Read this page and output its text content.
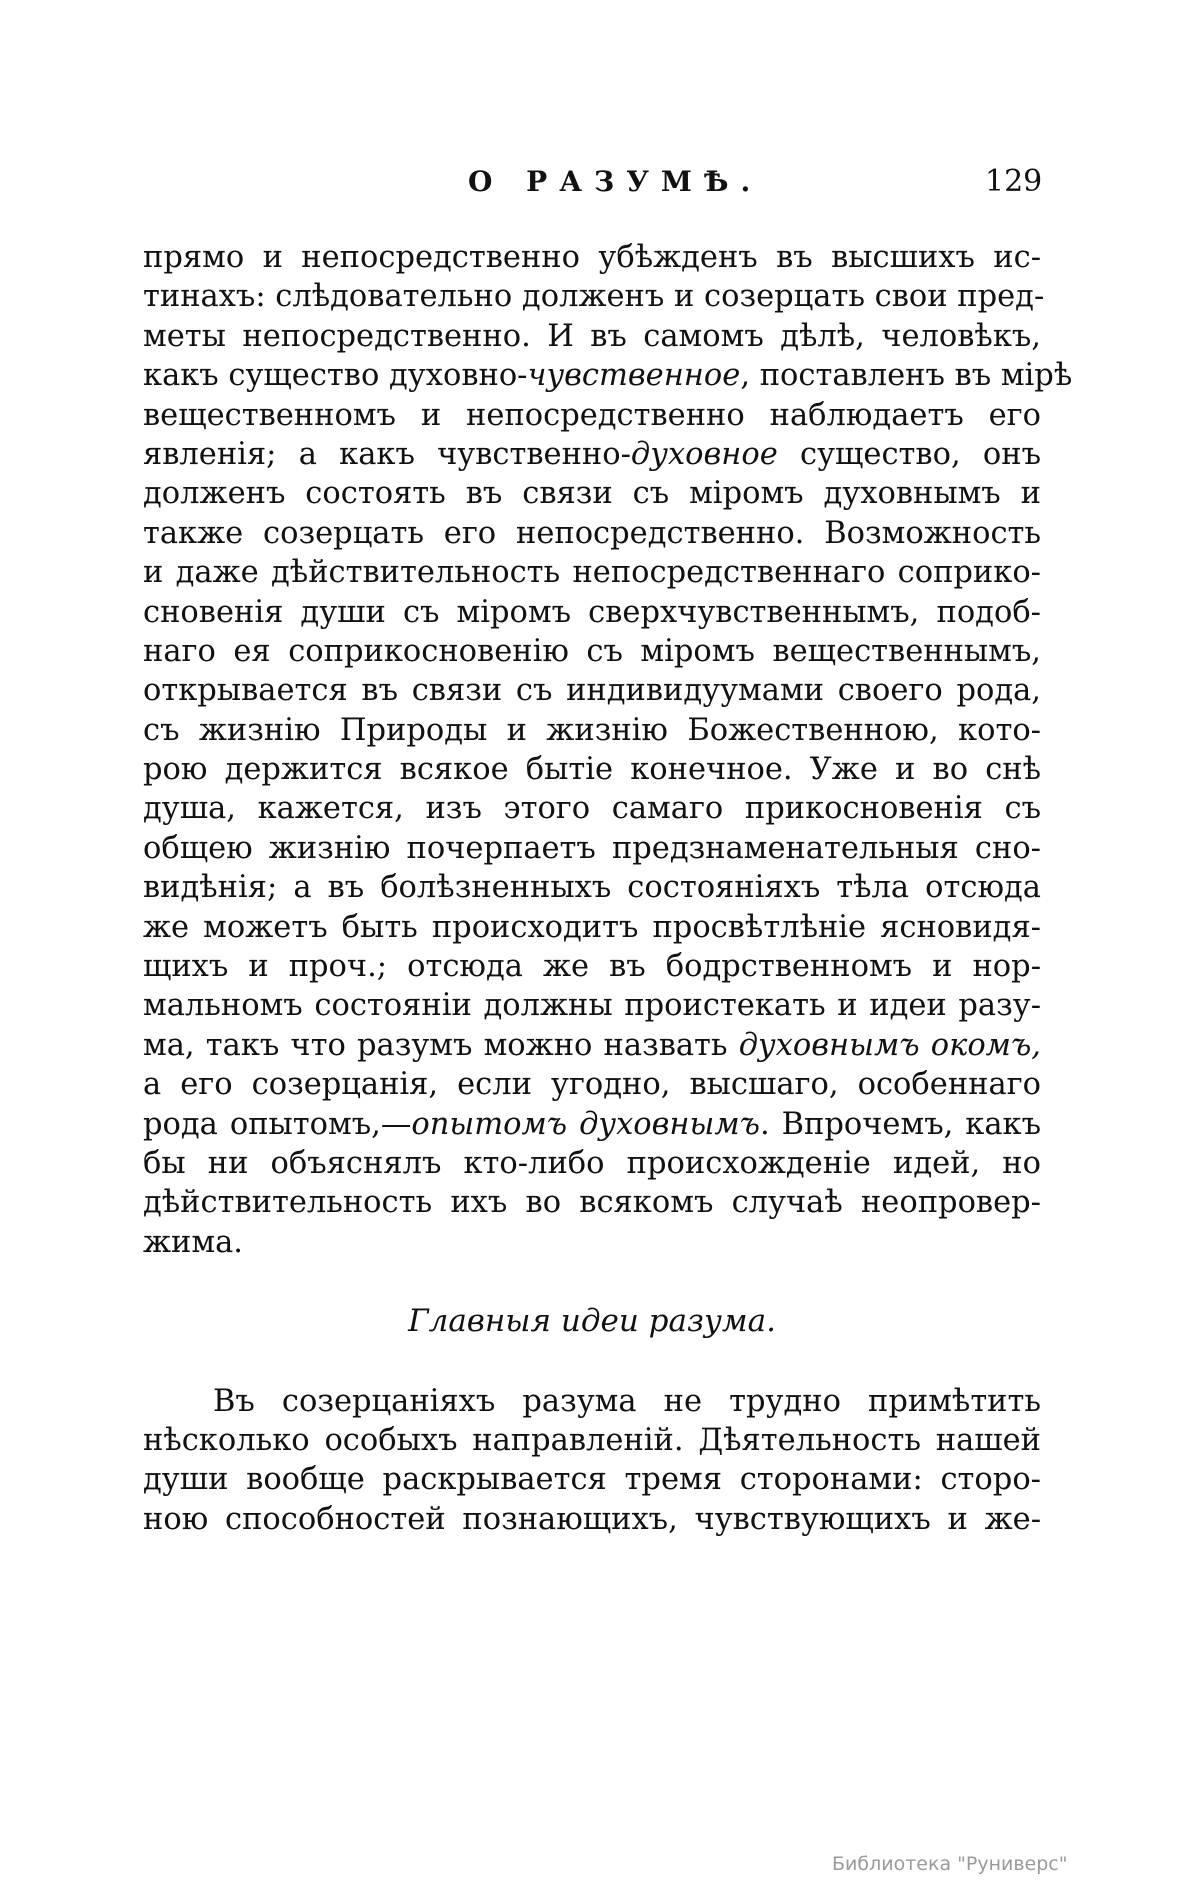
О РАЗУМѢ.	129
прямо и непосредственно убѣжденъ въ высшихъ ис-
тинахъ: слѣдовательно долженъ и созерцать свои пред-
меты непосредственно. И въ самомъ дѣлѣ, человѣкъ,
какъ существо духовно-чувственное, поставленъ въ мірѣ
вещественномъ и непосредственно наблюдаетъ его
явленія; а какъ чувственно-духовное существо, онъ
долженъ состоять въ связи съ міромъ духовнымъ и
также созерцать его непосредственно. Возможность
и даже дѣйствительность непосредственнаго соприко-
сновенія души съ міромъ сверхчувственнымъ, подоб-
наго ея соприкосновенію съ міромъ вещественнымъ,
открывается въ связи съ индивидуумами своего рода,
съ жизнію Природы и жизнію Божественною, кото-
рою держится всякое бытіе конечное. Уже и во снѣ
душа, кажется, изъ этого самаго прикосновенія съ
общею жизнію почерпаетъ предзнаменательныя сно-
видѣнія; а въ болѣзненныхъ состояніяхъ тѣла отсюда
же можетъ быть происходитъ просвѣтлѣніе ясновидя-
щихъ и проч.; отсюда же въ бодрственномъ и нор-
мальномъ состояніи должны проистекать и идеи разу-
ма, такъ что разумъ можно назвать духовнымъ окомъ,
а его созерцанія, если угодно, высшаго, особеннаго
рода опытомъ,—опытомъ духовнымъ. Впрочемъ, какъ
бы ни объяснялъ кто-либо происхожденіе идей, но
дѣйствительность ихъ во всякомъ случаѣ неопровер-
жима.
Главныя идеи разума.
Въ созерцаніяхъ разума не трудно примѣтить
нѣсколько особыхъ направленій. Дѣятельность нашей
души вообще раскрывается тремя сторонами: сторо-
ною способностей познающихъ, чувствующихъ и же-
Библиотека "Руниверс"
